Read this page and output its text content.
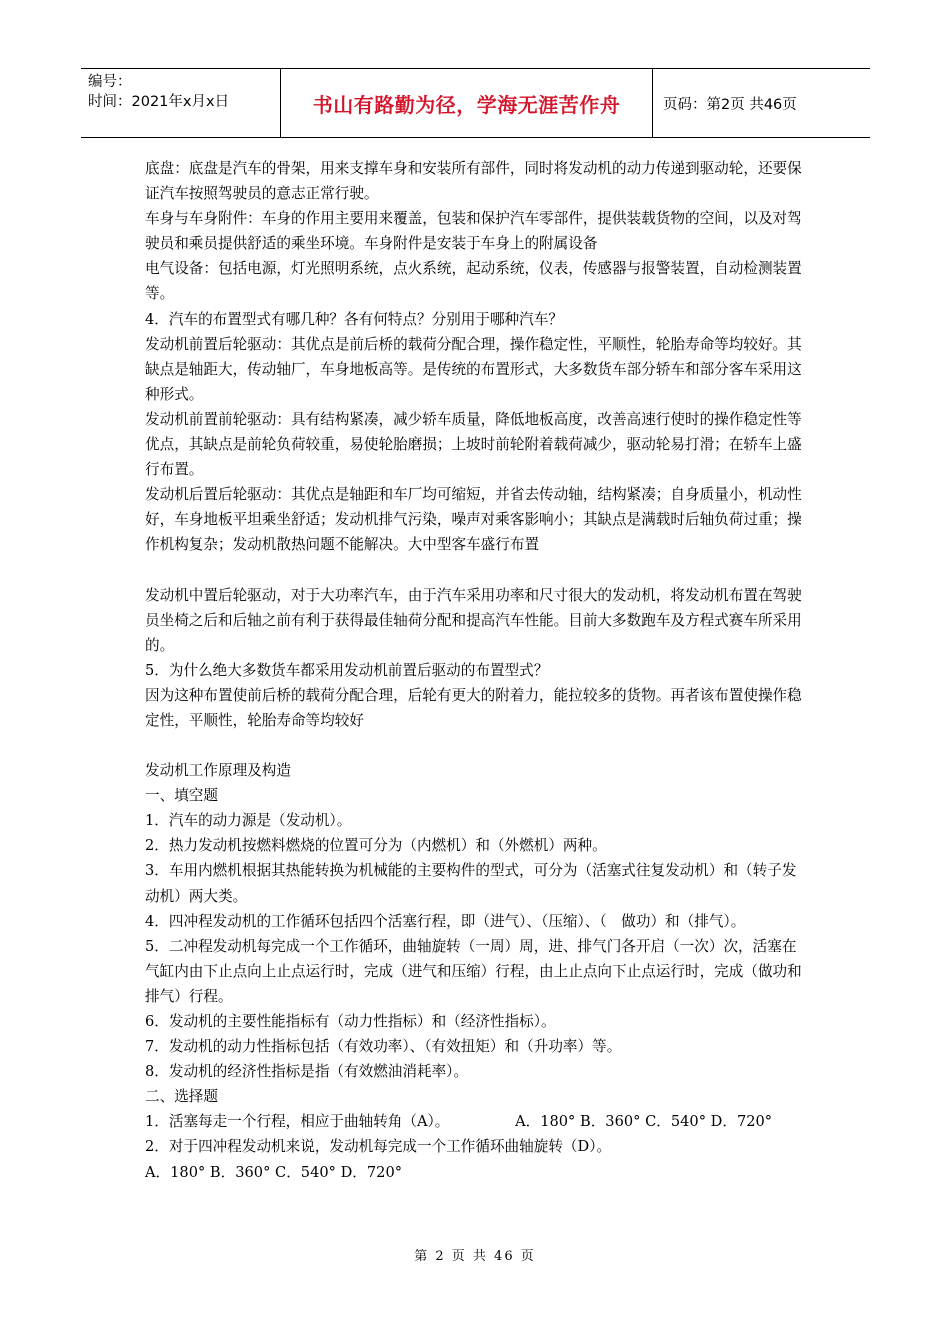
编号：
时间：2021年x月x日	书山有路勤为径，学海无涯苦作舟	页码：第2页 共46页
底盘：底盘是汽车的骨架，用来支撑车身和安装所有部件，同时将发动机的动力传递到驱动轮，还要保证汽车按照驾驶员的意志正常行驶。
车身与车身附件：车身的作用主要用来覆盖，包装和保护汽车零部件，提供装载货物的空间，以及对驾驶员和乘员提供舒适的乘坐环境。车身附件是安装于车身上的附属设备
电气设备：包括电源，灯光照明系统，点火系统，起动系统，仪表，传感器与报警装置，自动检测装置等。
4．汽车的布置型式有哪几种？各有何特点？分别用于哪种汽车？
发动机前置后轮驱动：其优点是前后桥的载荷分配合理，操作稳定性，平顺性，轮胎寿命等均较好。其缺点是轴距大，传动轴厂，车身地板高等。是传统的布置形式，大多数货车部分轿车和部分客车采用这种形式。
发动机前置前轮驱动：具有结构紧凑，减少轿车质量，降低地板高度，改善高速行使时的操作稳定性等优点，其缺点是前轮负荷较重，易使轮胎磨损；上坡时前轮附着载荷减少，驱动轮易打滑；在轿车上盛行布置。
发动机后置后轮驱动：其优点是轴距和车厂均可缩短，并省去传动轴，结构紧凑；自身质量小，机动性好，车身地板平坦乘坐舒适；发动机排气污染，噪声对乘客影响小；其缺点是满载时后轴负荷过重；操作机构复杂；发动机散热问题不能解决。大中型客车盛行布置
发动机中置后轮驱动，对于大功率汽车，由于汽车采用功率和尺寸很大的发动机，将发动机布置在驾驶员坐椅之后和后轴之前有利于获得最佳轴荷分配和提高汽车性能。目前大多数跑车及方程式赛车所采用的。
5．为什么绝大多数货车都采用发动机前置后驱动的布置型式？
因为这种布置使前后桥的载荷分配合理，后轮有更大的附着力，能拉较多的货物。再者该布置使操作稳定性，平顺性，轮胎寿命等均较好
发动机工作原理及构造
一、填空题
1．汽车的动力源是（发动机）。
2．热力发动机按燃料燃烧的位置可分为（内燃机）和（外燃机）两种。
3．车用内燃机根据其热能转换为机械能的主要构件的型式，可分为（活塞式往复发动机）和（转子发动机）两大类。
4．四冲程发动机的工作循环包括四个活塞行程，即（进气）、（压缩）、（　做功）和（排气）。
5．二冲程发动机每完成一个工作循环，曲轴旋转（一周）周，进、排气门各开启（一次）次，活塞在气缸内由下止点向上止点运行时，完成（进气和压缩）行程，由上止点向下止点运行时，完成（做功和排气）行程。
6．发动机的主要性能指标有（动力性指标）和（经济性指标）。
7．发动机的动力性指标包括（有效功率）、（有效扭矩）和（升功率）等。
8．发动机的经济性指标是指（有效燃油消耗率）。
二、选择题
1．活塞每走一个行程，相应于曲轴转角（A）。　　　　　A．180° B．360° C．540° D．720°
2．对于四冲程发动机来说，发动机每完成一个工作循环曲轴旋转（D）。
A．180° B．360° C．540° D．720°
第 2 页 共 46 页
